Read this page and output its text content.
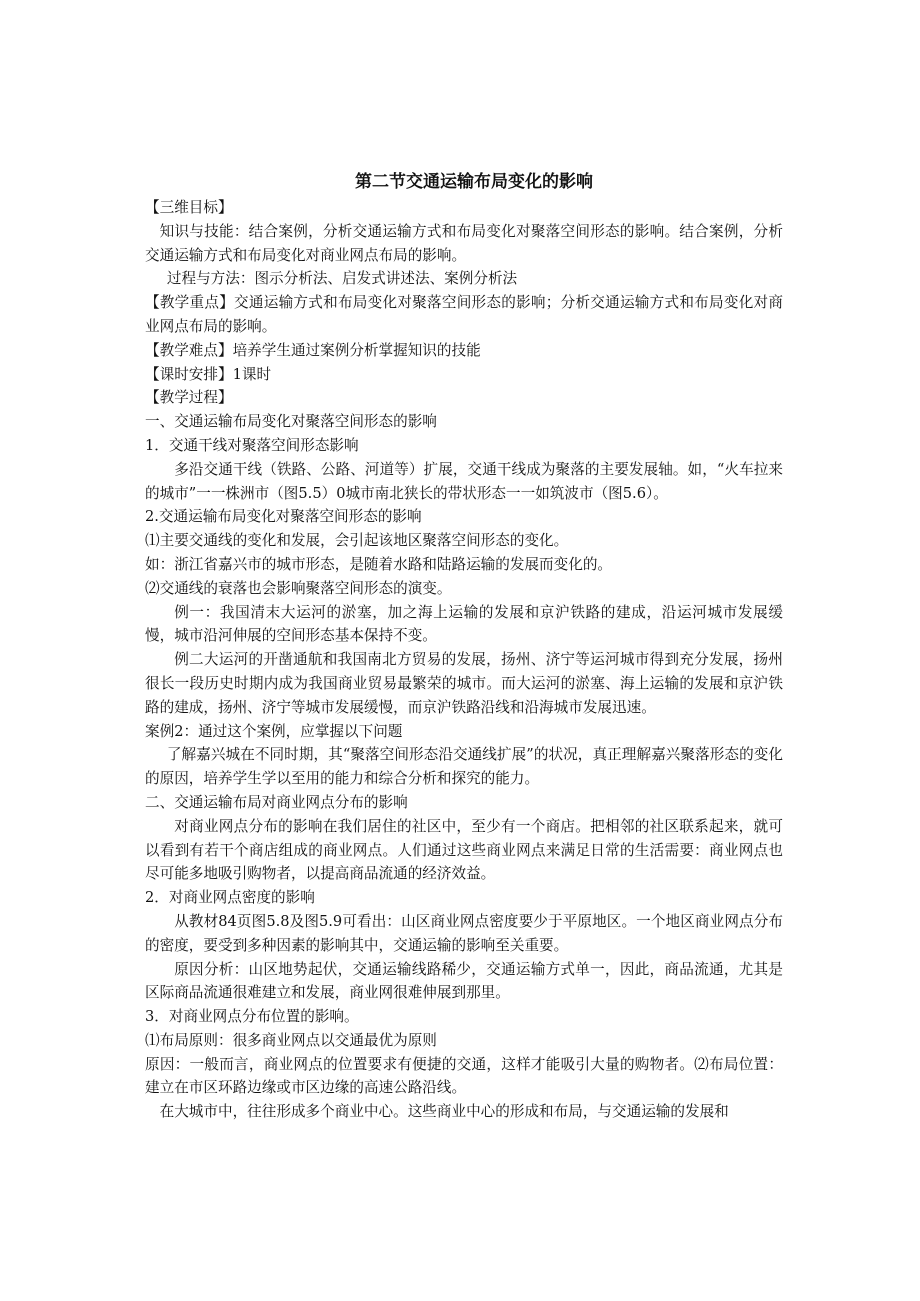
第二节交通运输布局变化的影响

【三维目标】

知识与技能：结合案例，分析交通运输方式和布局变化对聚落空间形态的影响。结合案例，分析交通运输方式和布局变化对商业网点布局的影响。

过程与方法：图示分析法、启发式讲述法、案例分析法

【教学重点】交通运输方式和布局变化对聚落空间形态的影响；分析交通运输方式和布局变化对商业网点布局的影响。

【教学难点】培养学生通过案例分析掌握知识的技能

【课时安排】1课时

【教学过程】

一、交通运输布局变化对聚落空间形态的影响

1．交通干线对聚落空间形态影响

多沿交通干线（铁路、公路、河道等）扩展，交通干线成为聚落的主要发展轴。如，“火车拉来的城市”一一株洲市（图5.5）0城市南北狭长的带状形态一一如筑波市（图5.6）。

2.交通运输布局变化对聚落空间形态的影响

⑴主要交通线的变化和发展，会引起该地区聚落空间形态的变化。

如：浙江省嘉兴市的城市形态，是随着水路和陆路运输的发展而变化的。

⑵交通线的衰落也会影响聚落空间形态的演变。

例一：我国清末大运河的淤塞，加之海上运输的发展和京沪铁路的建成，沿运河城市发展缓慢，城市沿河伸展的空间形态基本保持不变。

例二大运河的开凿通航和我国南北方贸易的发展，扬州、济宁等运河城市得到充分发展，扬州很长一段历史时期内成为我国商业贸易最繁荣的城市。而大运河的淤塞、海上运输的发展和京沪铁路的建成，扬州、济宁等城市发展缓慢，而京沪铁路沿线和沿海城市发展迅速。

案例2：通过这个案例，应掌握以下问题

了解嘉兴城在不同时期，其“聚落空间形态沿交通线扩展”的状况，真正理解嘉兴聚落形态的变化的原因，培养学生学以至用的能力和综合分析和探究的能力。

二、交通运输布局对商业网点分布的影响

对商业网点分布的影响在我们居住的社区中，至少有一个商店。把相邻的社区联系起来，就可以看到有若干个商店组成的商业网点。人们通过这些商业网点来满足日常的生活需要：商业网点也尽可能多地吸引购物者，以提高商品流通的经济效益。

2．对商业网点密度的影响

从教材84页图5.8及图5.9可看出：山区商业网点密度要少于平原地区。一个地区商业网点分布的密度，要受到多种因素的影响其中，交通运输的影响至关重要。

原因分析：山区地势起伏，交通运输线路稀少，交通运输方式单一，因此，商品流通，尤其是区际商品流通很难建立和发展，商业网很难伸展到那里。

3．对商业网点分布位置的影响。

⑴布局原则：很多商业网点以交通最优为原则

原因：一般而言，商业网点的位置要求有便捷的交通，这样才能吸引大量的购物者。⑵布局位置：建立在市区环路边缘或市区边缘的高速公路沿线。

在大城市中，往往形成多个商业中心。这些商业中心的形成和布局，与交通运输的发展和
